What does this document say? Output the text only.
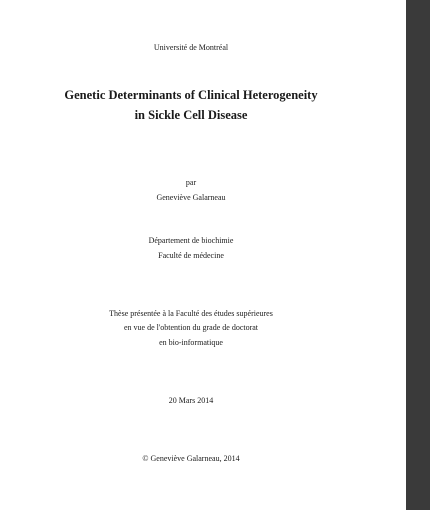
Université de Montréal
Genetic Determinants of Clinical Heterogeneity
in Sickle Cell Disease
par
Geneviève Galarneau
Département de biochimie
Faculté de médecine
Thèse présentée à la Faculté des études supérieures
en vue de l'obtention du grade de doctorat
en bio-informatique
20 Mars 2014
© Geneviève Galarneau, 2014
